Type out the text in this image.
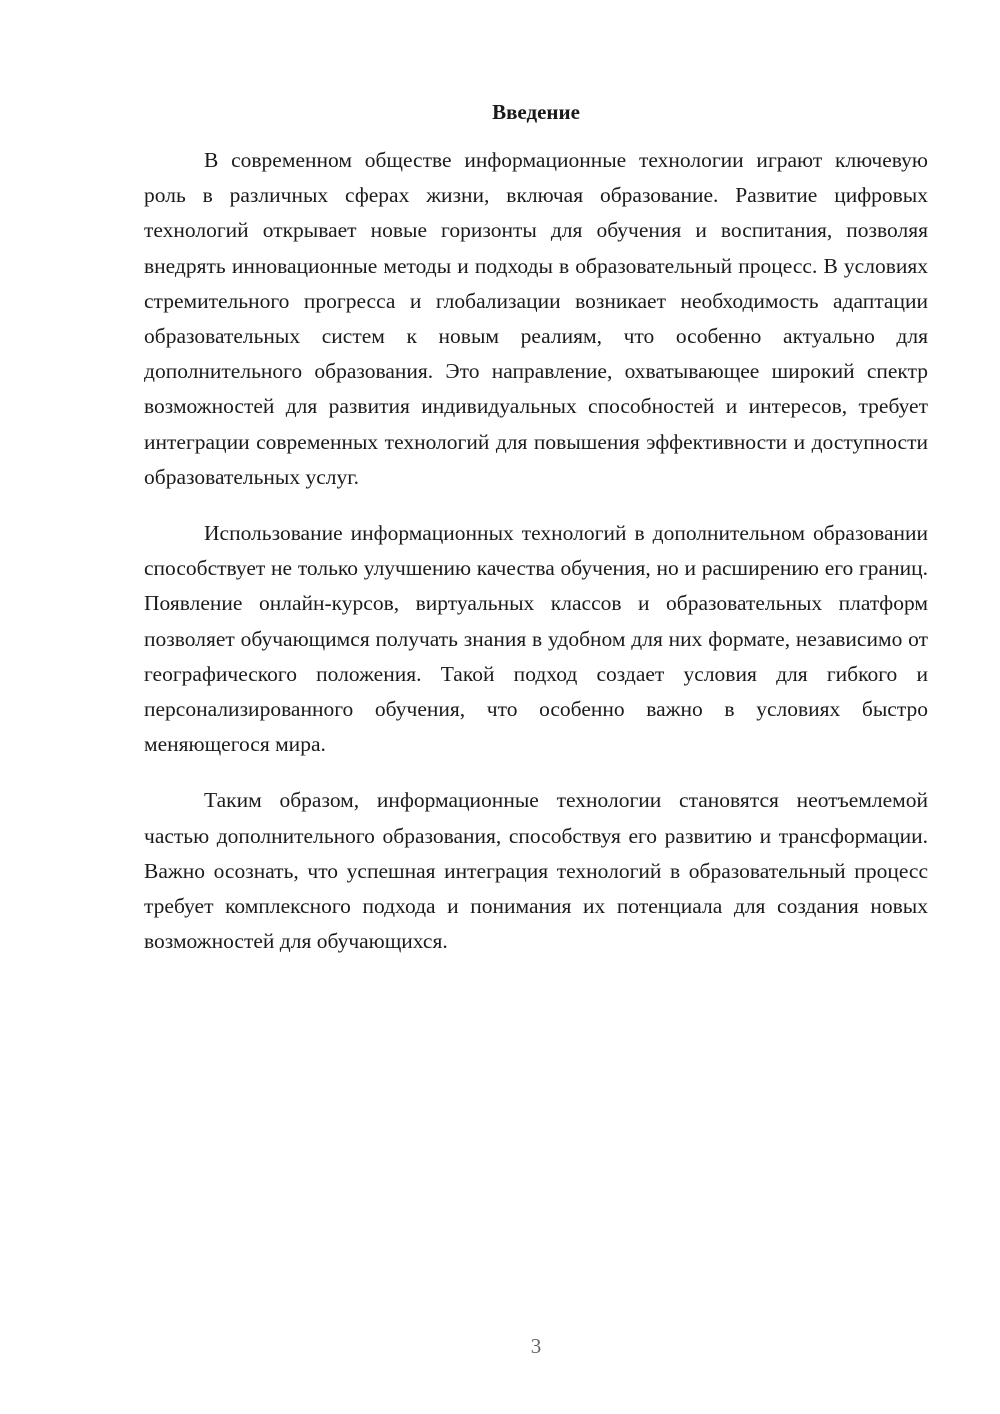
Введение

В современном обществе информационные технологии играют ключевую роль в различных сферах жизни, включая образование. Развитие цифровых технологий открывает новые горизонты для обучения и воспитания, позволяя внедрять инновационные методы и подходы в образовательный процесс. В условиях стремительного прогресса и глобализации возникает необходимость адаптации образовательных систем к новым реалиям, что особенно актуально для дополнительного образования. Это направление, охватывающее широкий спектр возможностей для развития индивидуальных способностей и интересов, требует интеграции современных технологий для повышения эффективности и доступности образовательных услуг.

Использование информационных технологий в дополнительном образовании способствует не только улучшению качества обучения, но и расширению его границ. Появление онлайн-курсов, виртуальных классов и образовательных платформ позволяет обучающимся получать знания в удобном для них формате, независимо от географического положения. Такой подход создает условия для гибкого и персонализированного обучения, что особенно важно в условиях быстро меняющегося мира.

Таким образом, информационные технологии становятся неотъемлемой частью дополнительного образования, способствуя его развитию и трансформации. Важно осознать, что успешная интеграция технологий в образовательный процесс требует комплексного подхода и понимания их потенциала для создания новых возможностей для обучающихся.

3
